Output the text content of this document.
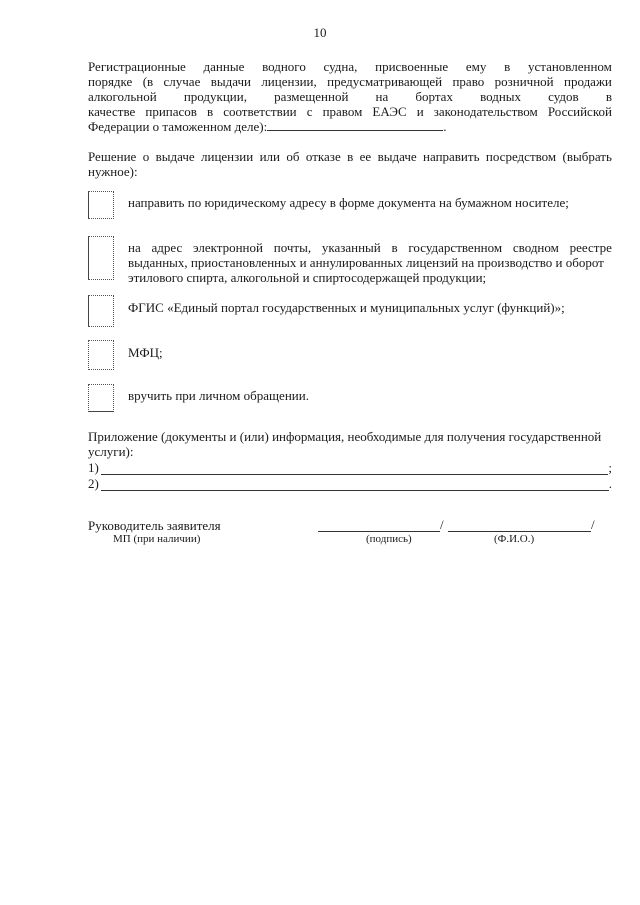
10
Регистрационные данные водного судна, присвоенные ему в установленном
порядке (в случае выдачи лицензии, предусматривающей право розничной продажи
алкогольной продукции, размещенной на бортах водных судов в
качестве припасов в соответствии с правом ЕАЭС и законодательством Российской
Федерации о таможенном деле):	.
Решение о выдаче лицензии или об отказе в ее выдаче направить посредством (выбрать
нужное):
направить по юридическому адресу в форме документа на бумажном носителе;
на адрес электронной почты, указанный в государственном сводном реестре
выданных, приостановленных и аннулированных лицензий на производство и оборот
этилового спирта, алкогольной и спиртосодержащей продукции;
ФГИС «Единый портал государственных и муниципальных услуг (функций)»;
МФЦ;
вручить при личном обращении.
Приложение (документы и (или) информация, необходимые для получения государственной
услуги):
1)	;
2)	.
Руководитель заявителя
МП (при наличии)
/	/
(подпись)	(Ф.И.О.)
